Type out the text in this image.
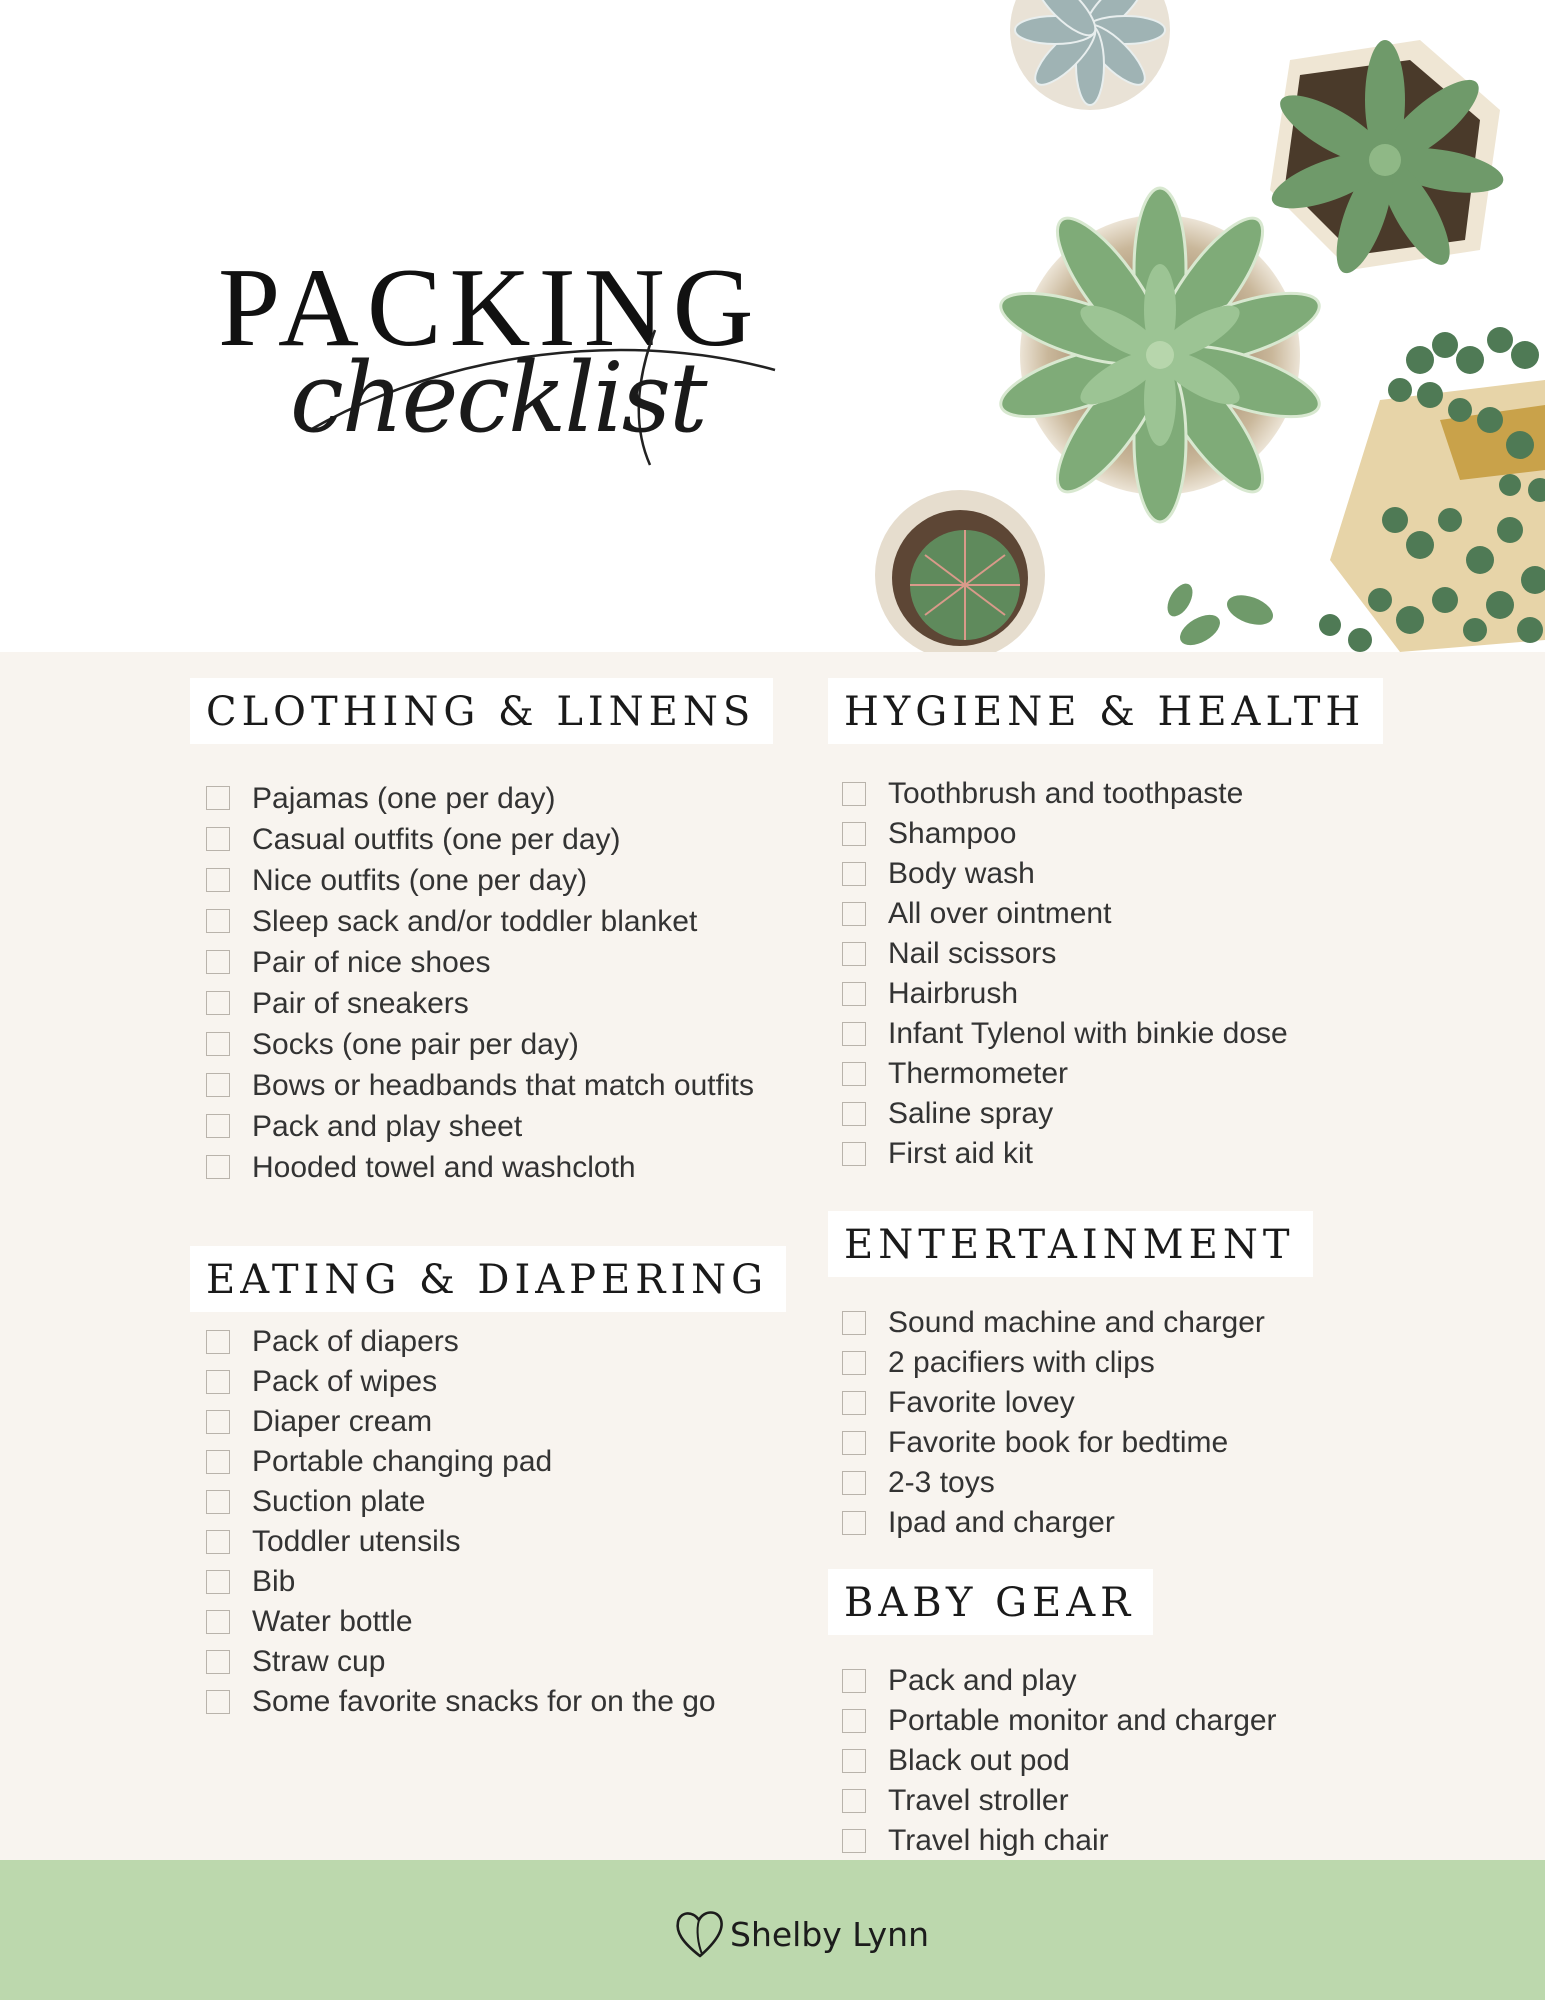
PACKING
checklist
CLOTHING & LINENS
Pajamas (one per day)
Casual outfits (one per day)
Nice outfits (one per day)
Sleep sack and/or toddler blanket
Pair of nice shoes
Pair of sneakers
Socks (one pair per day)
Bows or headbands that match outfits
Pack and play sheet
Hooded towel and washcloth
EATING & DIAPERING
Pack of diapers
Pack of wipes
Diaper cream
Portable changing pad
Suction plate
Toddler utensils
Bib
Water bottle
Straw cup
Some favorite snacks for on the go
HYGIENE & HEALTH
Toothbrush and toothpaste
Shampoo
Body wash
All over ointment
Nail scissors
Hairbrush
Infant Tylenol with binkie dose
Thermometer
Saline spray
First aid kit
ENTERTAINMENT
Sound machine and charger
2 pacifiers with clips
Favorite lovey
Favorite book for bedtime
2-3 toys
Ipad and charger
BABY GEAR
Pack and play
Portable monitor and charger
Black out pod
Travel stroller
Travel high chair
Shelby Lynn
